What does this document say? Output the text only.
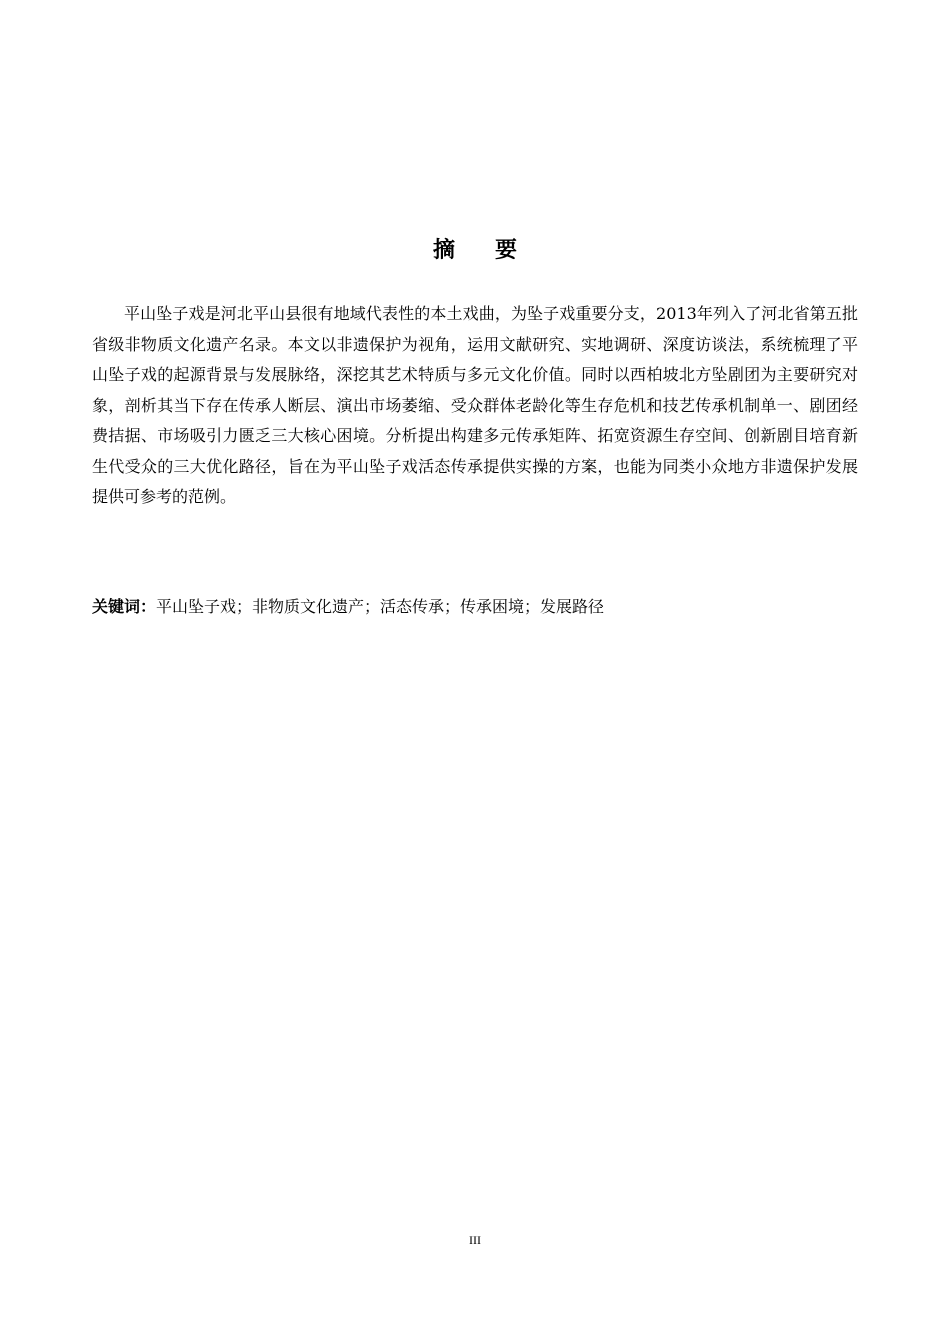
摘要

平山坠子戏是河北平山县很有地域代表性的本土戏曲，为坠子戏重要分支，2013年列入了河北省第五批省级非物质文化遗产名录。本文以非遗保护为视角，运用文献研究、实地调研、深度访谈法，系统梳理了平山坠子戏的起源背景与发展脉络，深挖其艺术特质与多元文化价值。同时以西柏坡北方坠剧团为主要研究对象，剖析其当下存在传承人断层、演出市场萎缩、受众群体老龄化等生存危机和技艺传承机制单一、剧团经费拮据、市场吸引力匮乏三大核心困境。分析提出构建多元传承矩阵、拓宽资源生存空间、创新剧目培育新生代受众的三大优化路径，旨在为平山坠子戏活态传承提供实操的方案，也能为同类小众地方非遗保护发展提供可参考的范例。

关键词：平山坠子戏；非物质文化遗产；活态传承；传承困境；发展路径

III
